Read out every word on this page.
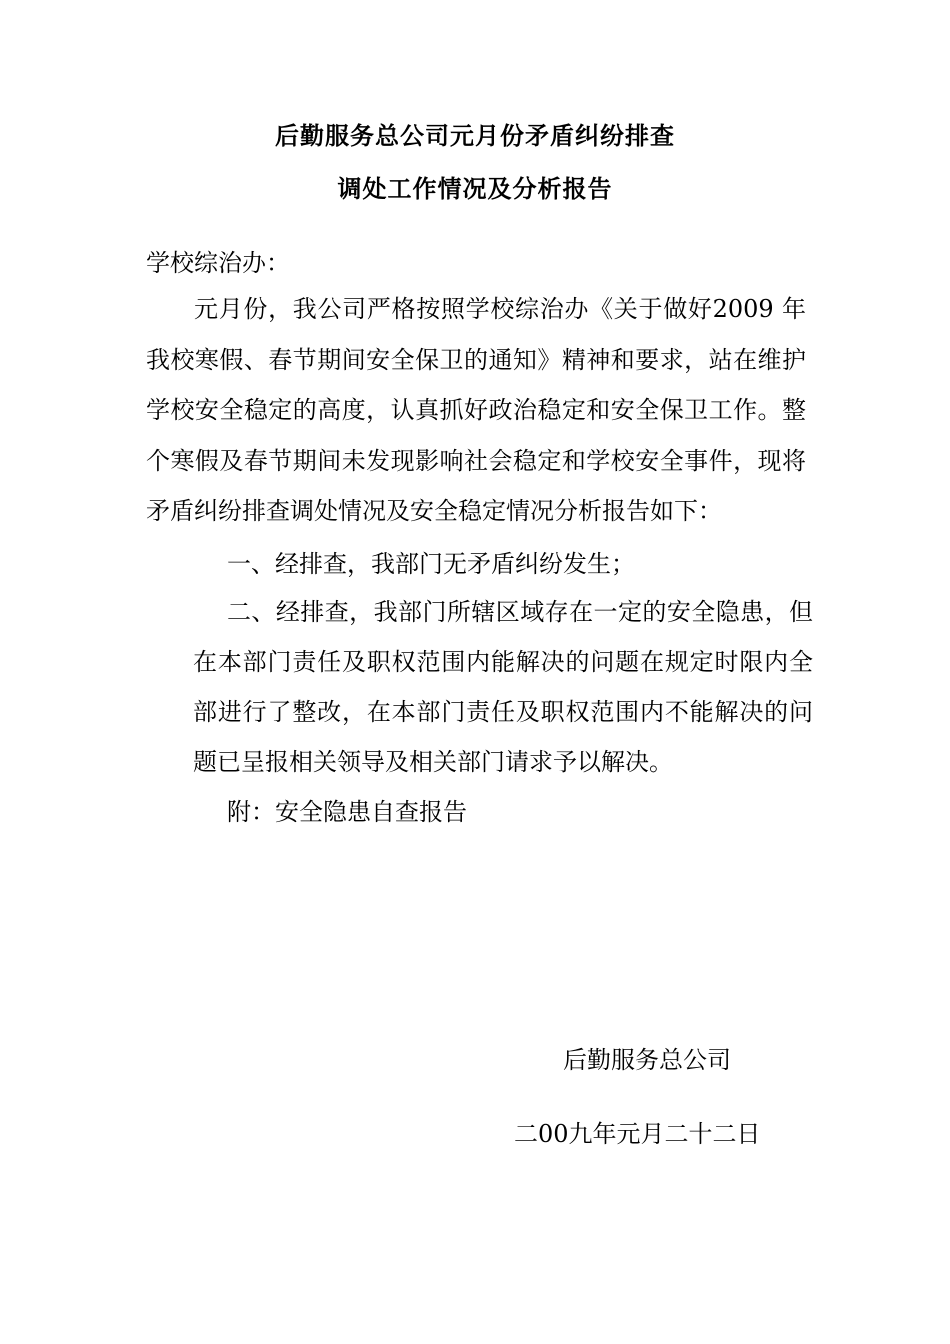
后勤服务总公司元月份矛盾纠纷排查
调处工作情况及分析报告
学校综治办：
元月份，我公司严格按照学校综治办《关于做好2009 年我校寒假、春节期间安全保卫的通知》精神和要求，站在维护学校安全稳定的高度，认真抓好政治稳定和安全保卫工作。整个寒假及春节期间未发现影响社会稳定和学校安全事件，现将矛盾纠纷排查调处情况及安全稳定情况分析报告如下：
一、经排查，我部门无矛盾纠纷发生；
二、经排查，我部门所辖区域存在一定的安全隐患，但在本部门责任及职权范围内能解决的问题在规定时限内全部进行了整改，在本部门责任及职权范围内不能解决的问题已呈报相关领导及相关部门请求予以解决。
附：安全隐患自查报告
后勤服务总公司
二00九年元月二十二日
